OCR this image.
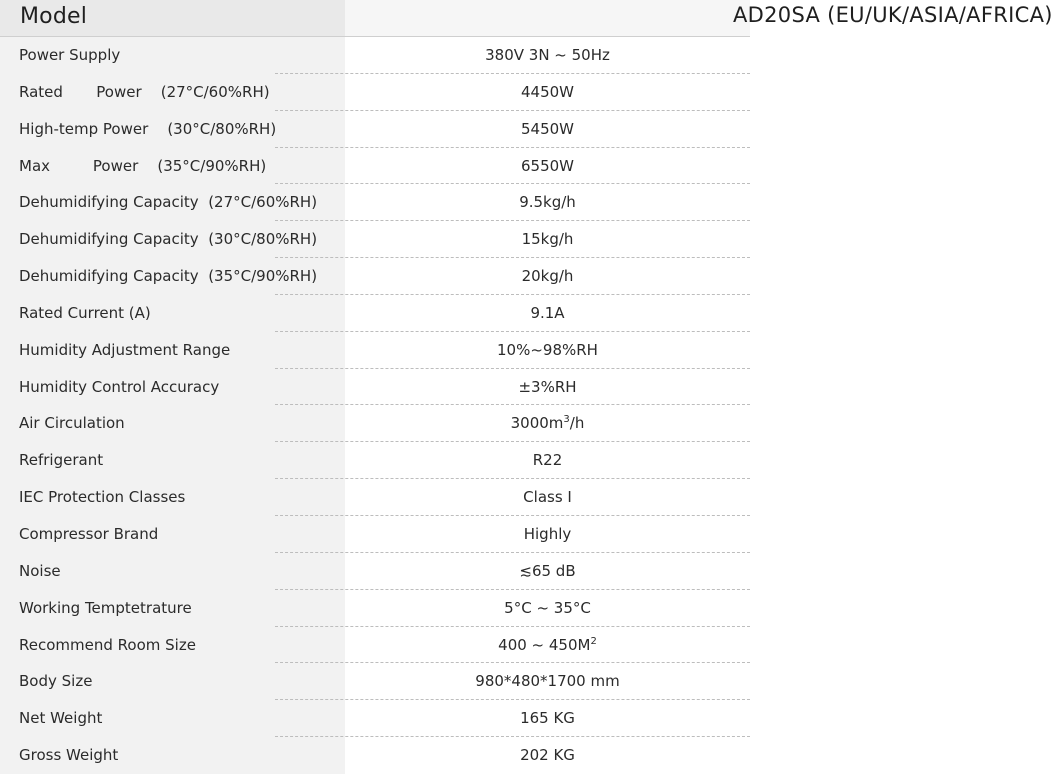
Model	AD20SA (EU/UK/ASIA/AFRICA)
Power Supply	380V 3N ~ 50Hz
Rated       Power    (27°C/60%RH)	4450W
High-temp Power    (30°C/80%RH)	5450W
Max         Power    (35°C/90%RH)	6550W
Dehumidifying Capacity  (27°C/60%RH)	9.5kg/h
Dehumidifying Capacity  (30°C/80%RH)	15kg/h
Dehumidifying Capacity  (35°C/90%RH)	20kg/h
Rated Current (A)	9.1A
Humidity Adjustment Range	10%~98%RH
Humidity Control Accuracy	±3%RH
Air Circulation	$3000m^3/h$
Refrigerant	R22
IEC Protection Classes	Class I
Compressor Brand	Highly
Noise	≲65 dB
Working Temptetrature	5°C ~ 35°C
Recommend Room Size	400 ~ $450M^2$
Body Size	980*480*1700 mm
Net Weight	165 KG
Gross Weight	202 KG
